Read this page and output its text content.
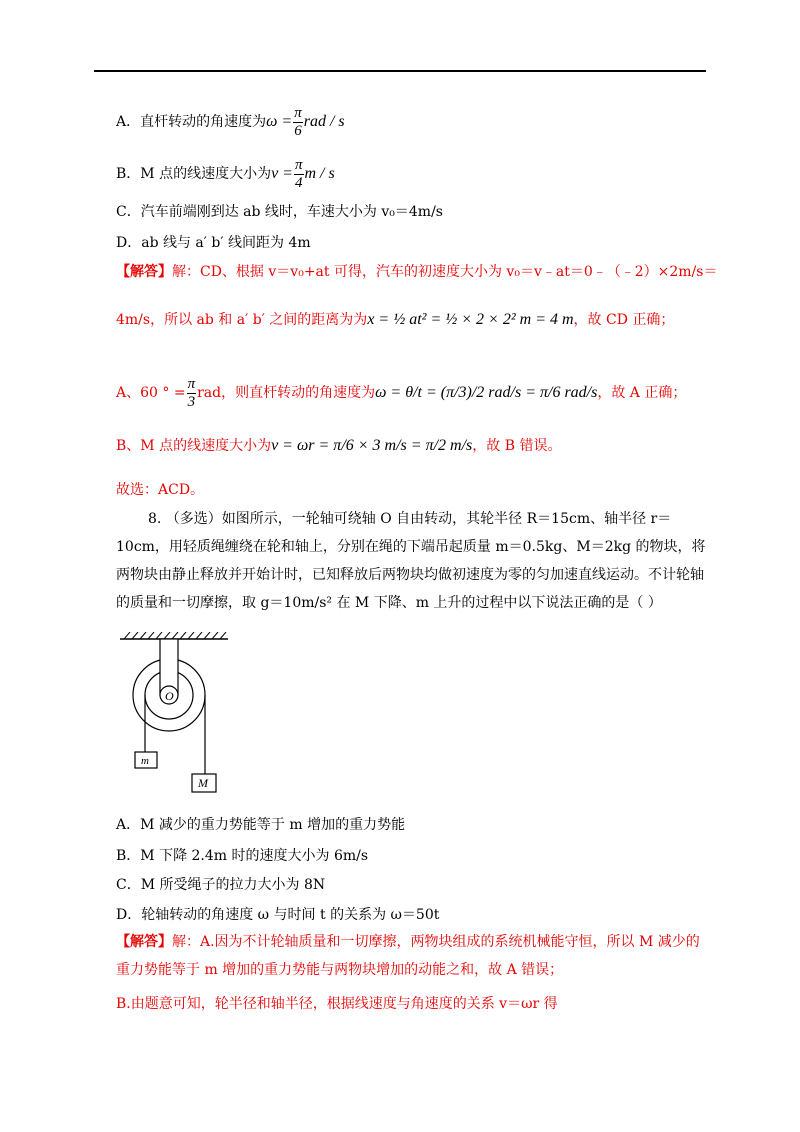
A．直杆转动的角速度为$\omega = \frac{\pi}{6}$ rad / s
B．M 点的线速度大小为$v = \frac{\pi}{4}$ m / s
C．汽车前端刚到达 ab 线时，车速大小为 v₀＝4m/s
D．ab 线与 a′ b′ 线间距为 4m
【解答】解：CD、根据 v＝v₀+at 可得，汽车的初速度大小为 v₀＝v﹣at＝0﹣（﹣2）×2m/s＝
4m/s，所以 ab 和 a′ b′ 之间的距离为为x = ½ at² = ½ × 2 × 2² m = 4 m，故 CD 正确；
A、60 ° = $\frac{\pi}{3}$ rad，则直杆转动的角速度为ω = θ/t = (π/3)/2 rad/s = π/6 rad/s，故 A 正确；
B、M 点的线速度大小为v = ωr = π/6 × 3 m/s = π/2 m/s，故 B 错误。
故选：ACD。
8. （多选）如图所示，一轮轴可绕轴 O 自由转动，其轮半径 R＝15cm、轴半径 r＝10cm，用轻质绳缠绕在轮和轴上，分别在绳的下端吊起质量 m＝0.5kg、M＝2kg 的物块，将两物块由静止释放并开始计时，已知释放后两物块均做初速度为零的匀加速直线运动。不计轮轴的质量和一切摩擦，取 g＝10m/s² 在 M 下降、m 上升的过程中以下说法正确的是（ ）
O
m
M
A．M 减少的重力势能等于 m 增加的重力势能
B．M 下降 2.4m 时的速度大小为 6m/s
C．M 所受绳子的拉力大小为 8N
D．轮轴转动的角速度 ω 与时间 t 的关系为 ω＝50t
【解答】解：A.因为不计轮轴质量和一切摩擦，两物块组成的系统机械能守恒，所以 M 减少的重力势能等于 m 增加的重力势能与两物块增加的动能之和，故 A 错误；
B.由题意可知，轮半径和轴半径，根据线速度与角速度的关系 v＝ωr 得
